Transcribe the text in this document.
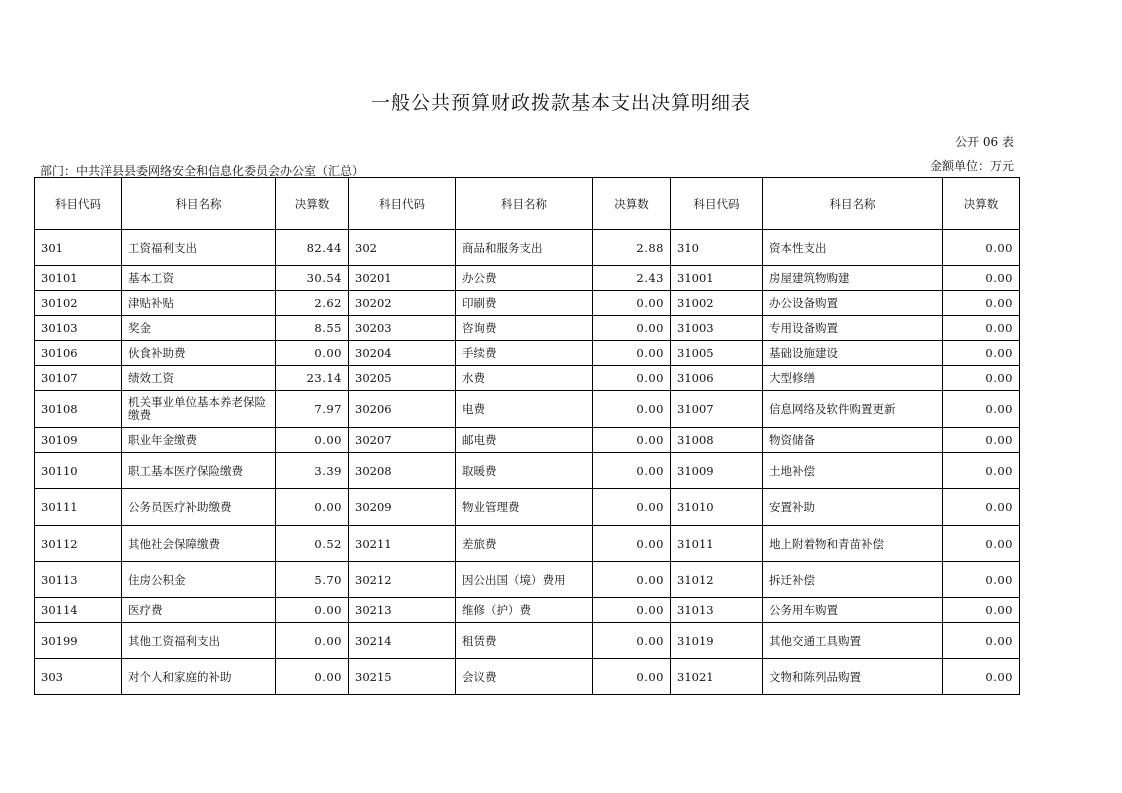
一般公共预算财政拨款基本支出决算明细表
公开 06 表
金额单位：万元
部门：中共洋县县委网络安全和信息化委员会办公室（汇总）
科目代码	科目名称	决算数	科目代码	科目名称	决算数	科目代码	科目名称	决算数
301	工资福利支出	82.44	302	商品和服务支出	2.88	310	资本性支出	0.00
30101	基本工资	30.54	30201	办公费	2.43	31001	房屋建筑物购建	0.00
30102	津贴补贴	2.62	30202	印刷费	0.00	31002	办公设备购置	0.00
30103	奖金	8.55	30203	咨询费	0.00	31003	专用设备购置	0.00
30106	伙食补助费	0.00	30204	手续费	0.00	31005	基础设施建设	0.00
30107	绩效工资	23.14	30205	水费	0.00	31006	大型修缮	0.00
30108	机关事业单位基本养老保险缴费	7.97	30206	电费	0.00	31007	信息网络及软件购置更新	0.00
30109	职业年金缴费	0.00	30207	邮电费	0.00	31008	物资储备	0.00
30110	职工基本医疗保险缴费	3.39	30208	取暖费	0.00	31009	土地补偿	0.00
30111	公务员医疗补助缴费	0.00	30209	物业管理费	0.00	31010	安置补助	0.00
30112	其他社会保障缴费	0.52	30211	差旅费	0.00	31011	地上附着物和青苗补偿	0.00
30113	住房公积金	5.70	30212	因公出国（境）费用	0.00	31012	拆迁补偿	0.00
30114	医疗费	0.00	30213	维修（护）费	0.00	31013	公务用车购置	0.00
30199	其他工资福利支出	0.00	30214	租赁费	0.00	31019	其他交通工具购置	0.00
303	对个人和家庭的补助	0.00	30215	会议费	0.00	31021	文物和陈列品购置	0.00
